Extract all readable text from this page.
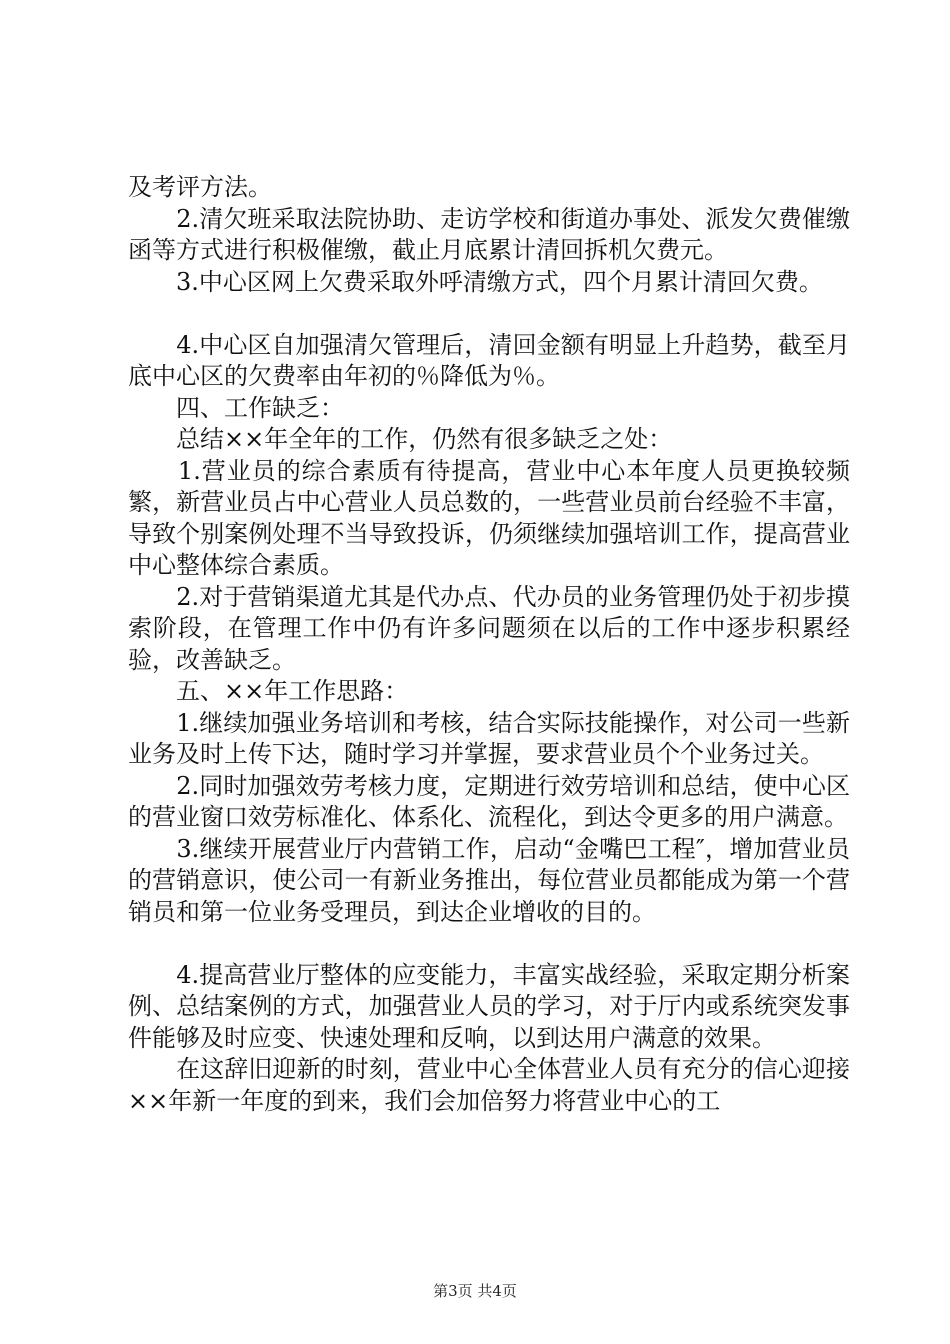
及考评方法。

　　2.清欠班采取法院协助、走访学校和街道办事处、派发欠费催缴函等方式进行积极催缴，截止月底累计清回拆机欠费元。

　　3.中心区网上欠费采取外呼清缴方式，四个月累计清回欠费。

　　4.中心区自加强清欠管理后，清回金额有明显上升趋势，截至月底中心区的欠费率由年初的％降低为％。

　　四、工作缺乏：

　　总结××年全年的工作，仍然有很多缺乏之处：

　　1.营业员的综合素质有待提高，营业中心本年度人员更换较频繁，新营业员占中心营业人员总数的，一些营业员前台经验不丰富，导致个别案例处理不当导致投诉，仍须继续加强培训工作，提高营业中心整体综合素质。

　　2.对于营销渠道尤其是代办点、代办员的业务管理仍处于初步摸索阶段，在管理工作中仍有许多问题须在以后的工作中逐步积累经验，改善缺乏。

　　五、××年工作思路：

　　1.继续加强业务培训和考核，结合实际技能操作，对公司一些新业务及时上传下达，随时学习并掌握，要求营业员个个业务过关。

　　2.同时加强效劳考核力度，定期进行效劳培训和总结，使中心区的营业窗口效劳标准化、体系化、流程化，到达令更多的用户满意。

　　3.继续开展营业厅内营销工作，启动“金嘴巴工程″，增加营业员的营销意识，使公司一有新业务推出，每位营业员都能成为第一个营销员和第一位业务受理员，到达企业增收的目的。

　　4.提高营业厅整体的应变能力，丰富实战经验，采取定期分析案例、总结案例的方式，加强营业人员的学习，对于厅内或系统突发事件能够及时应变、快速处理和反响，以到达用户满意的效果。

　　在这辞旧迎新的时刻，营业中心全体营业人员有充分的信心迎接××年新一年度的到来，我们会加倍努力将营业中心的工

第3页 共4页
